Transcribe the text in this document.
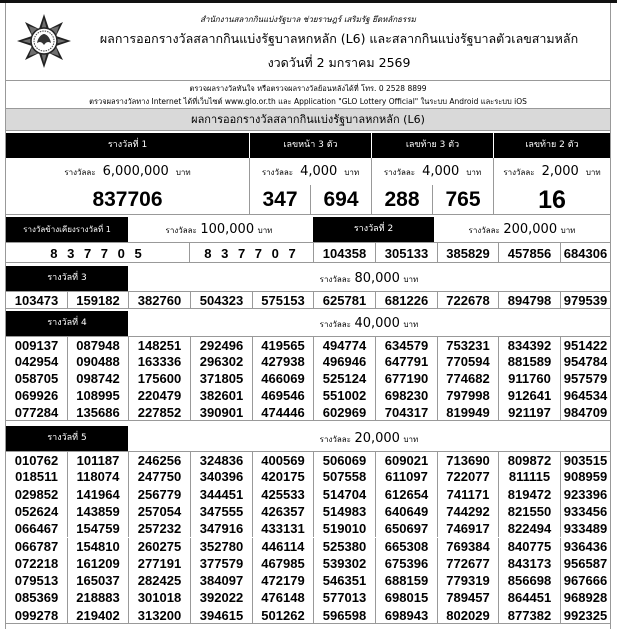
สำนักงานสลากกินแบ่งรัฐบาล ช่วยราษฎร์ เสริมรัฐ ยึดหลักธรรม
ผลการออกรางวัลสลากกินแบ่งรัฐบาลหกหลัก (L6) และสลากกินแบ่งรัฐบาลตัวเลขสามหลัก
งวดวันที่ 2 มกราคม 2569
ตรวจผลรางวัลทันใจ หรือตรวจผลรางวัลย้อนหลังได้ที่ โทร. 0 2528 8899
ตรวจผลรางวัลทาง Internet ได้ที่เว็บไซต์ www.glo.or.th และ Application "GLO Lottery Official" ในระบบ Android และระบบ iOS
ผลการออกรางวัลสลากกินแบ่งรัฐบาลหกหลัก (L6)
รางวัลที่ 1	เลขหน้า 3 ตัว	เลขท้าย 3 ตัว	เลขท้าย 2 ตัว
รางวัลละ 6,000,000 บาท	รางวัลละ 4,000 บาท	รางวัลละ 4,000 บาท	รางวัลละ 2,000 บาท
837706	347	694	288	765	16
รางวัลข้างเคียงรางวัลที่ 1	รางวัลละ 100,000 บาท	รางวัลที่ 2	รางวัลละ 200,000 บาท
8 3 7 7 0 5	8 3 7 7 0 7	104358	305133	385829	457856 684306
รางวัลที่ 3	รางวัลละ 80,000 บาท
103473	159182	382760	504323	575153	625781	681226	722678	894798 979539
รางวัลที่ 4	รางวัลละ 40,000 บาท
009137	087948	148251	292496	419565	494774	634579	753231	834392 951422
042954	090488	163336	296302	427938	496946	647791	770594	881589 954784
058705	098742	175600	371805	466069	525124	677190	774682	911760 957579
069926	108995	220479	382601	469546	551002	698230	797998	912641 964534
077284	135686	227852	390901	474446	602969	704317	819949	921197 984709
รางวัลที่ 5	รางวัลละ 20,000 บาท
010762	101187	246256	324836	400569	506069	609021	713690	809872 903515
018511	118074	247750	340396	420175	507558	611097	722077	811115	908959
029852	141964	256779	344451	425533	514704	612654	741171	819472 923396
052624	143859	257054	347555	426357	514983	640649	744292	821550 933456
066467	154759	257232	347916	433131	519010	650697	746917	822494 933489
066787	154810	260275	352780	446114	525380	665308	769384	840775 936436
072218	161209	277191	377579	467985	539302	675396	772677	843173 956587
079513	165037	282425	384097	472179	546351	688159	779319	856698 967666
085369	218883	301018	392022	476148	577013	698015	789457	864451 968928
099278	219402	313200	394615	501262	596598	698943	802029	877382 992325
